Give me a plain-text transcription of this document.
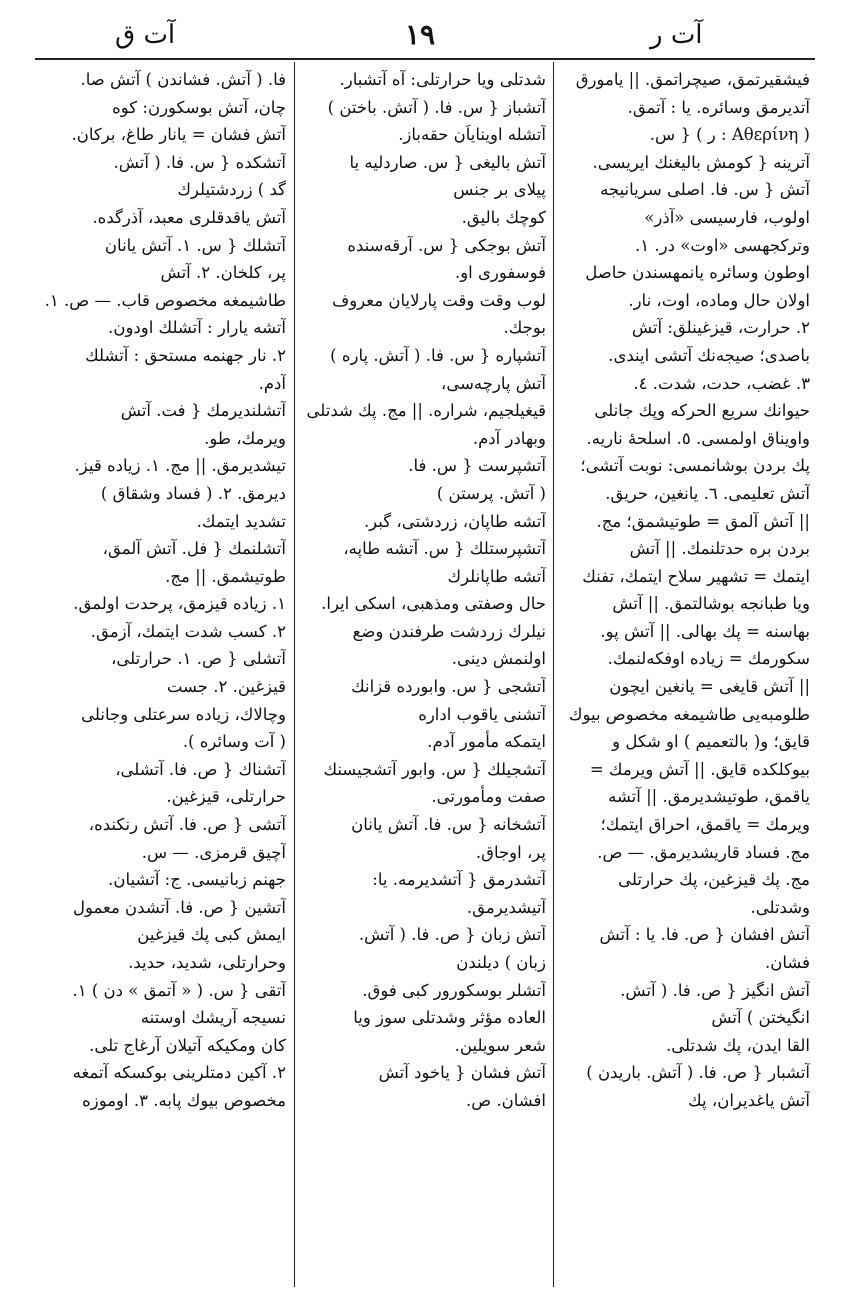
آت ق	١٩	آت ر
فيشقيرتمق، صيچراتمق. || يامورق
آتديرمق وسائره. يا : آتمق.
( Αθερίνη : ر ) { س.
آترينه { كومش باليغنك ايريسى.
آتش { س. فا. اصلى سريانيجه
اولوب، فارسيسى «آذر»
وتركجهسى «اوت» در. ١.
اوطون وسائره يانمهسندن حاصل
اولان حال وماده، اوت، نار.
٢. حرارت، قيزغينلق: آتش
باصدى؛ صيجه‌نك آتشى ايندى.
٣. غضب، حدت، شدت. ٤.
حيوانك سريع الحركه وپك جانلى
واويناق اولمسى. ٥. اسلحهٔ ناريه.
پك بردن بوشانمسى: نوبت آتشى؛
آتش تعليمى. ٦. يانغين، حريق.
|| آتش آلمق = طوتيشمق؛ مج.
بردن بره حدتلنمك. || آتش
ايتمك = تشهير سلاح ايتمك، تفنك
ويا طبانجه بوشالتمق. || آتش
بهاسنه = پك بهالى. || آتش پو.
سكورمك = زياده اوفكه‌لنمك.
|| آتش قايغى = يانغين ايچون
طلومبه‌يى طاشيمغه مخصوص بيوك
قايق؛ و( بالتعميم ) او شكل و
بيوكلكده قايق. || آتش ويرمك =
ياقمق، طوتيشديرمق. || آتشه
ويرمك = ياقمق، احراق ايتمك؛
مج. فساد قاريشديرمق. — ص.
مج. پك قيزغين، پك حرارتلى
وشدتلى.
آتش افشان { ص. فا. يا : آتش
فشان.
آتش انگيز { ص. فا. ( آتش.
انگيختن ) آتش
القا ايدن، پك شدتلى.
آتشبار { ص. فا. ( آتش. باريدن )
آتش ياغديران، پك
شدتلى ويا حرارتلى: آه آتشبار.
آتشباز { س. فا. ( آتش. باختن )
آتشله اويناياَن حقه‌باز.
آتش باليغى { س. صاردليه يا
پيلاى بر جنس
كوچك باليق.
آتش بوجكى { س. آرقه‌سنده
فوسفورى او.
لوب وقت وقت پارلايان معروف
بوجك.
آتشپاره { س. فا. ( آتش. پاره )
آتش پارچه‌سى،
قيغيلجيم، شراره. || مج. پك شدتلى
وبهادر آدم.
آتشپرست { س. فا.
( آتش. پرستن )
آتشه طاپان، زردشتى، گبر.
آتشپرستلك { س. آتشه طاپه،
آتشه طاپانلرك
حال وصفتى ومذهبى، اسكى ايرا.
نيلرك زردشت طرفندن وضع
اولنمش دينى.
آتشجى { س. وابورده قزانك
آتشنى ياقوب اداره
ايتمكه مأمور آدم.
آتشجيلك { س. وابور آتشجيسنك
صفت ومأمورتى.
آتشخانه { س. فا. آتش يانان
پر، اوجاق.
آتشدرمق { آتشديرمه. يا:
آتيشديرمق.
آتش زبان { ص. فا. ( آتش.
زبان ) ديلندن
آتشلر بوسكورور كبى فوق.
العاده مؤثر وشدتلى سوز ويا
شعر سويلين.
آتش فشان { ياخود آتش
افشان. ص.
فا. ( آتش. فشاندن ) آتش صا.
چان، آتش بوسكورن: كوه
آتش فشان = يانار طاغ، بركان.
آتشكده { س. فا. ( آتش.
گد ) زردشتيلرك
آتش ياقدقلرى معبد، آذرگده.
آتشلك { س. ١. آتش يانان
پر، كلخان. ٢. آتش
طاشيمغه مخصوص قاب. — ص. ١.
آتشه يارار : آتشلك اودون.
٢. نار جهنمه مستحق : آتشلك
آدم.
آتشلنديرمك { فت. آتش
ويرمك، طو.
تيشديرمق. || مج. ١. زياده قيز.
ديرمق. ٢. ( فساد وشقاق )
تشديد ايتمك.
آتشلنمك { فل. آتش آلمق،
طوتيشمق. || مج.
١. زياده قيزمق، پرحدت اولمق.
٢. كسب شدت ايتمك، آزمق.
آتشلى { ص. ١. حرارتلى،
قيزغين. ٢. جست
وچالاك، زياده سرعتلى وجانلى
( آت وسائره ).
آتشناك { ص. فا. آتشلى،
حرارتلى، قيزغين.
آتشى { ص. فا. آتش رنكنده،
آچيق قرمزى. — س.
جهنم زبانيسى. ج: آتشيان.
آتشين { ص. فا. آتشدن معمول
ايمش كبى پك قيزغين
وحرارتلى، شديد، حديد.
آتقى { س. ( « آتمق » دن ) ١.
نسيجه آريشك اوستنه
كان ومكيكه آتيلان آرغاج تلى.
٢. آكين دمتلرينى بوكسكه آتمغه
مخصوص بيوك پابه. ٣. اوموزه
